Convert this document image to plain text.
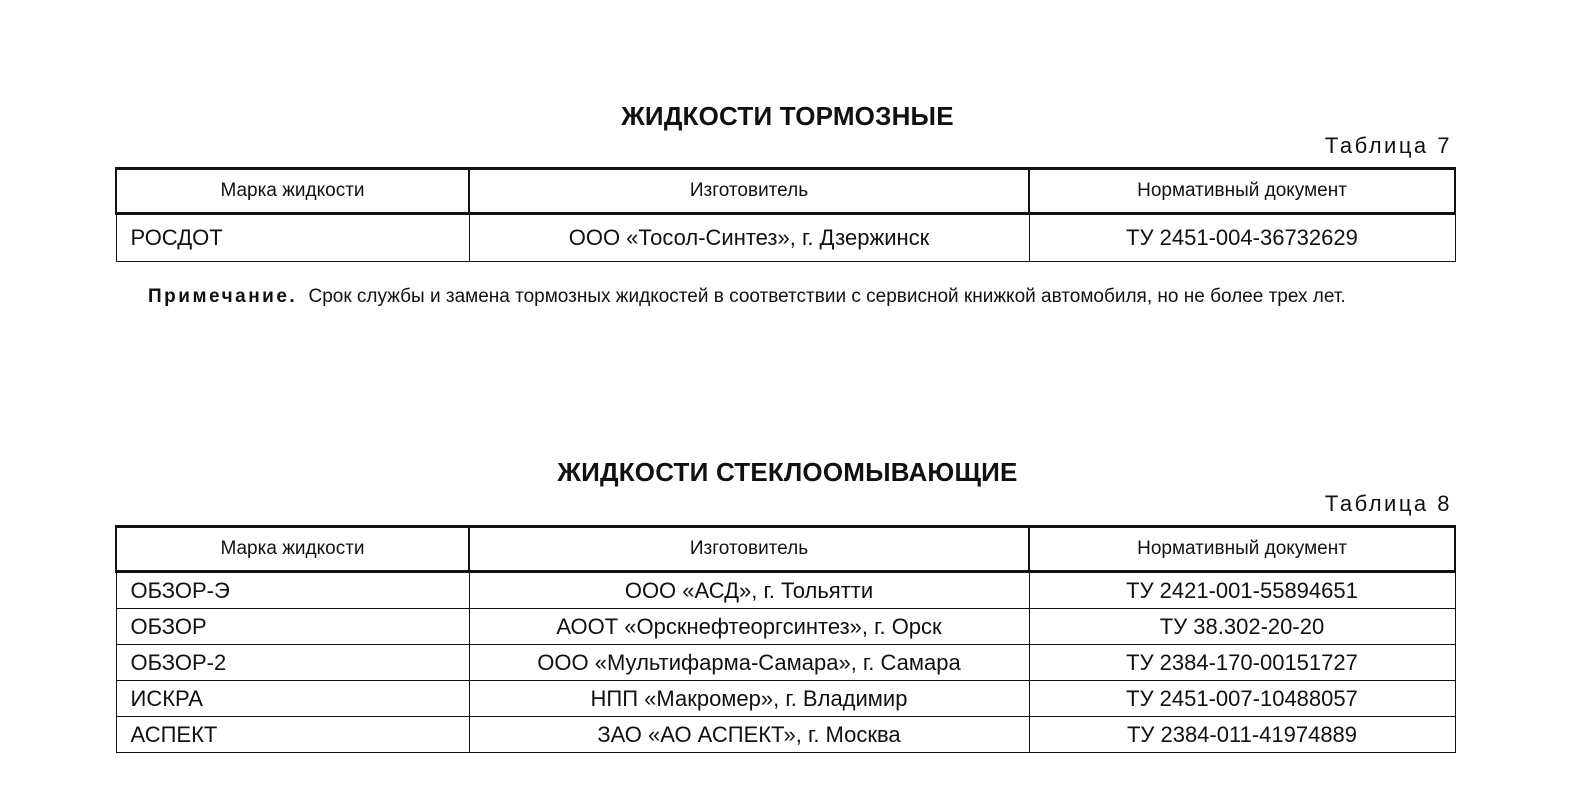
ЖИДКОСТИ ТОРМОЗНЫЕ
Таблица 7
Марка жидкости	Изготовитель	Нормативный документ
РОСДОТ	ООО «Тосол-Синтез», г. Дзержинск	ТУ 2451-004-36732629
Примечание. Срок службы и замена тормозных жидкостей в соответствии с сервисной книжкой автомобиля, но не более трех лет.
ЖИДКОСТИ СТЕКЛООМЫВАЮЩИЕ
Таблица 8
Марка жидкости	Изготовитель	Нормативный документ
ОБЗОР-Э	ООО «АСД», г. Тольятти	ТУ 2421-001-55894651
ОБЗОР	АООТ «Орскнефтеоргсинтез», г. Орск	ТУ 38.302-20-20
ОБЗОР-2	ООО «Мультифарма-Самара», г. Самара	ТУ 2384-170-00151727
ИСКРА	НПП «Макромер», г. Владимир	ТУ 2451-007-10488057
АСПЕКТ	ЗАО «АО АСПЕКТ», г. Москва	ТУ 2384-011-41974889
